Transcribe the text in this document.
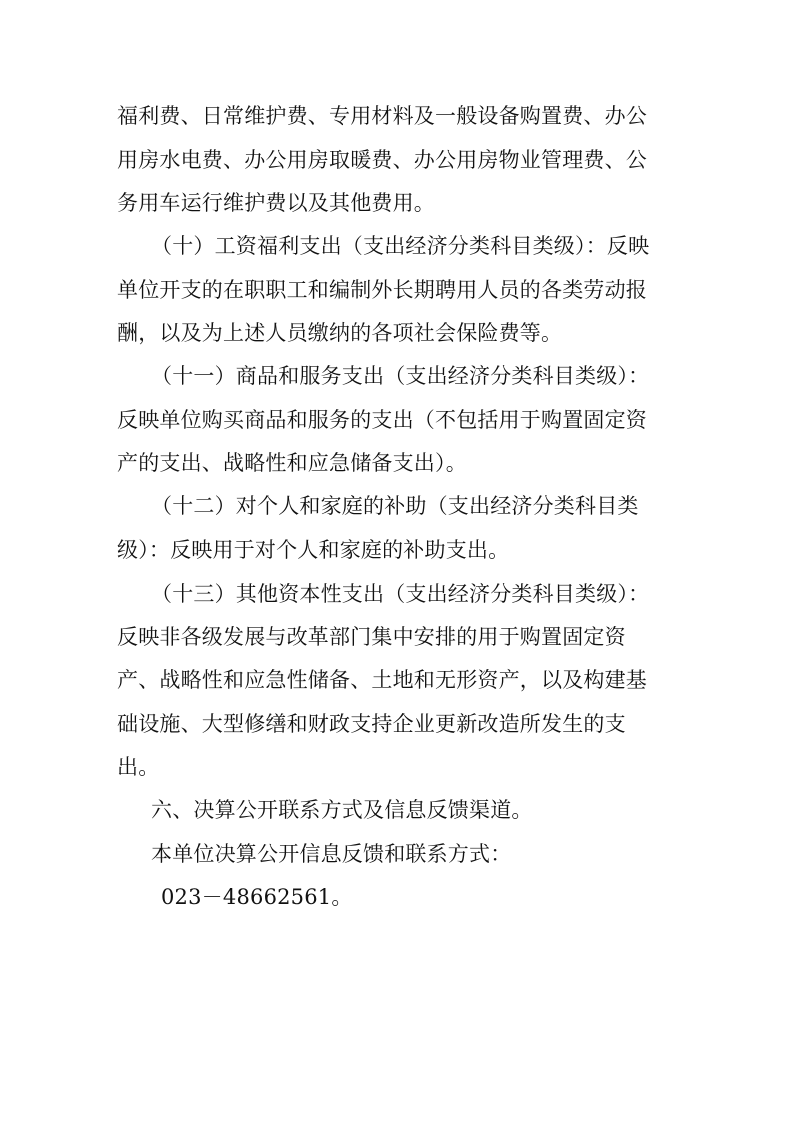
福利费、日常维护费、专用材料及一般设备购置费、办公

用房水电费、办公用房取暖费、办公用房物业管理费、公

务用车运行维护费以及其他费用。

（十）工资福利支出（支出经济分类科目类级）：反映

单位开支的在职职工和编制外长期聘用人员的各类劳动报

酬，以及为上述人员缴纳的各项社会保险费等。

（十一）商品和服务支出（支出经济分类科目类级）：

反映单位购买商品和服务的支出（不包括用于购置固定资

产的支出、战略性和应急储备支出）。

（十二）对个人和家庭的补助（支出经济分类科目类

级）：反映用于对个人和家庭的补助支出。

（十三）其他资本性支出（支出经济分类科目类级）：

反映非各级发展与改革部门集中安排的用于购置固定资

产、战略性和应急性储备、土地和无形资产，以及构建基

础设施、大型修缮和财政支持企业更新改造所发生的支

出。

六、决算公开联系方式及信息反馈渠道。

本单位决算公开信息反馈和联系方式：

023－48662561。
